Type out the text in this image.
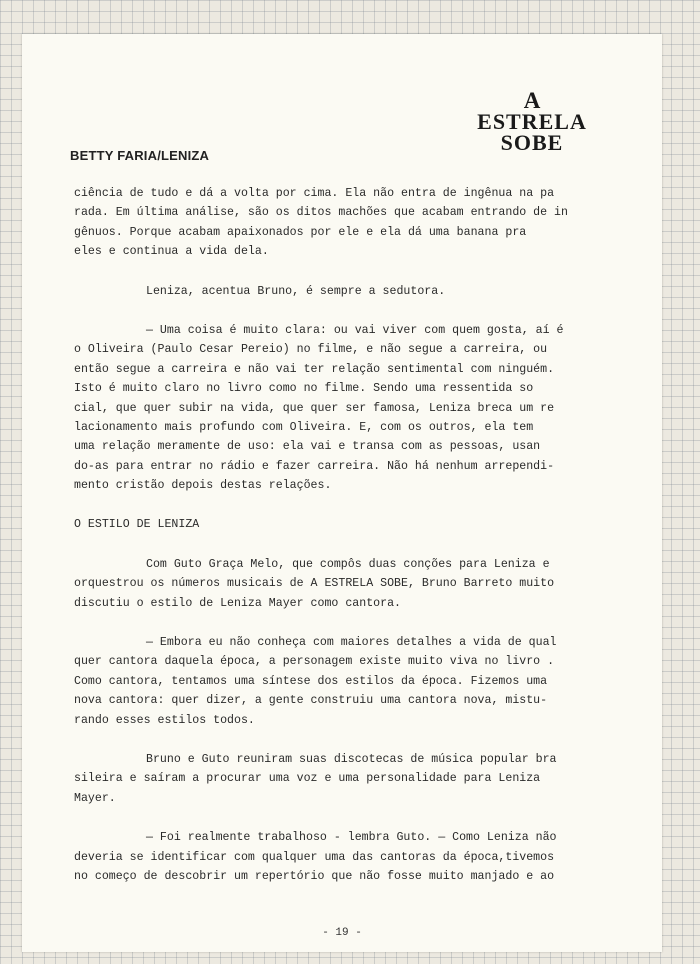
BETTY FARIA/LENIZA
A
ESTRELA
SOBE
ciência de tudo e dá a volta por cima. Ela não entra de ingênua na pa
rada. Em última análise, são os ditos machões que acabam entrando de in
gênuos. Porque acabam apaixonados por ele e ela dá uma banana pra
eles e continua a vida dela.
Leniza, acentua Bruno, é sempre a sedutora.
— Uma coisa é muito clara: ou vai viver com quem gosta, aí é
o Oliveira (Paulo Cesar Pereio) no filme, e não segue a carreira, ou
então segue a carreira e não vai ter relação sentimental com ninguém.
Isto é muito claro no livro como no filme. Sendo uma ressentida so
cial, que quer subir na vida, que quer ser famosa, Leniza breca um re
lacionamento mais profundo com Oliveira. E, com os outros, ela tem
uma relação meramente de uso: ela vai e transa com as pessoas, usan
do-as para entrar no rádio e fazer carreira. Não há nenhum arrependi-
mento cristão depois destas relações.
O ESTILO DE LENIZA
Com Guto Graça Melo, que compôs duas conções para Leniza e
orquestrou os números musicais de A ESTRELA SOBE, Bruno Barreto muito
discutiu o estilo de Leniza Mayer como cantora.
— Embora eu não conheça com maiores detalhes a vida de qual
quer cantora daquela época, a personagem existe muito viva no livro .
Como cantora, tentamos uma síntese dos estilos da época. Fizemos uma
nova cantora: quer dizer, a gente construiu uma cantora nova, mistu-
rando esses estilos todos.
Bruno e Guto reuniram suas discotecas de música popular bra
sileira e saíram a procurar uma voz e uma personalidade para Leniza
Mayer.
— Foi realmente trabalhoso - lembra Guto. — Como Leniza não
deveria se identificar com qualquer uma das cantoras da época,tivemos
no começo de descobrir um repertório que não fosse muito manjado e ao
- 19 -
